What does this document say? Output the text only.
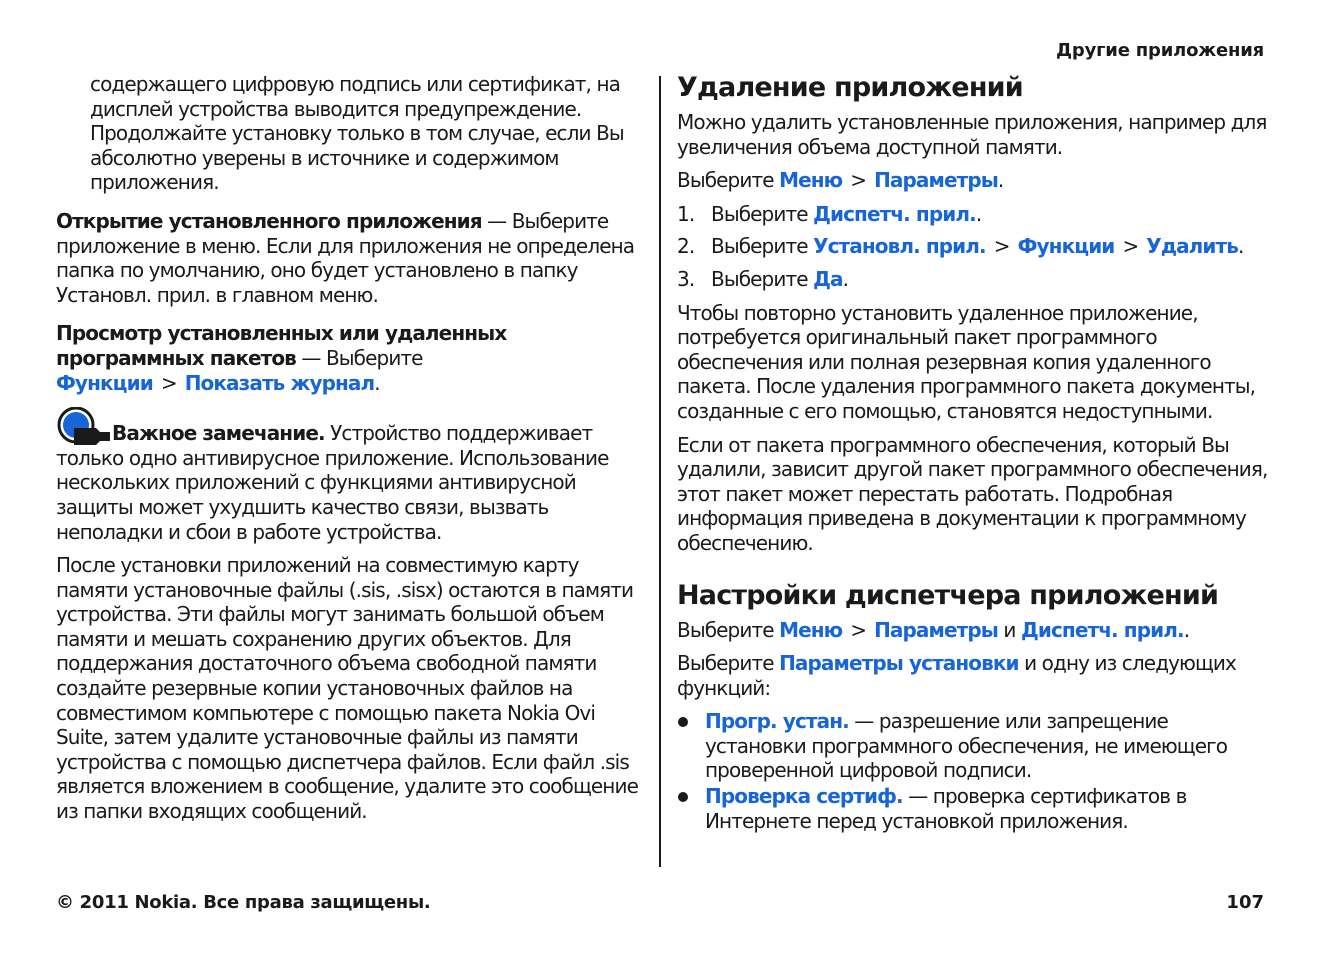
Другие приложения

содержащего цифровую подпись или сертификат, на дисплей устройства выводится предупреждение. Продолжайте установку только в том случае, если Вы абсолютно уверены в источнике и содержимом приложения.

Открытие установленного приложения — Выберите приложение в меню. Если для приложения не определена папка по умолчанию, оно будет установлено в папку Установл. прил. в главном меню.

Просмотр установленных или удаленных программных пакетов — Выберите Функции > Показать журнал.

Важное замечание. Устройство поддерживает только одно антивирусное приложение. Использование нескольких приложений с функциями антивирусной защиты может ухудшить качество связи, вызвать неполадки и сбои в работе устройства.

После установки приложений на совместимую карту памяти установочные файлы (.sis, .sisx) остаются в памяти устройства. Эти файлы могут занимать большой объем памяти и мешать сохранению других объектов. Для поддержания достаточного объема свободной памяти создайте резервные копии установочных файлов на совместимом компьютере с помощью пакета Nokia Ovi Suite, затем удалите установочные файлы из памяти устройства с помощью диспетчера файлов. Если файл .sis является вложением в сообщение, удалите это сообщение из папки входящих сообщений.

Удаление приложений

Можно удалить установленные приложения, например для увеличения объема доступной памяти.

Выберите Меню > Параметры.

1. Выберите Диспетч. прил..
2. Выберите Установл. прил. > Функции > Удалить.
3. Выберите Да.

Чтобы повторно установить удаленное приложение, потребуется оригинальный пакет программного обеспечения или полная резервная копия удаленного пакета. После удаления программного пакета документы, созданные с его помощью, становятся недоступными.

Если от пакета программного обеспечения, который Вы удалили, зависит другой пакет программного обеспечения, этот пакет может перестать работать. Подробная информация приведена в документации к программному обеспечению.

Настройки диспетчера приложений

Выберите Меню > Параметры и Диспетч. прил..

Выберите Параметры установки и одну из следующих функций:

Прогр. устан. — разрешение или запрещение установки программного обеспечения, не имеющего проверенной цифровой подписи.
Проверка сертиф. — проверка сертификатов в Интернете перед установкой приложения.
© 2011 Nokia. Все права защищены.	107
